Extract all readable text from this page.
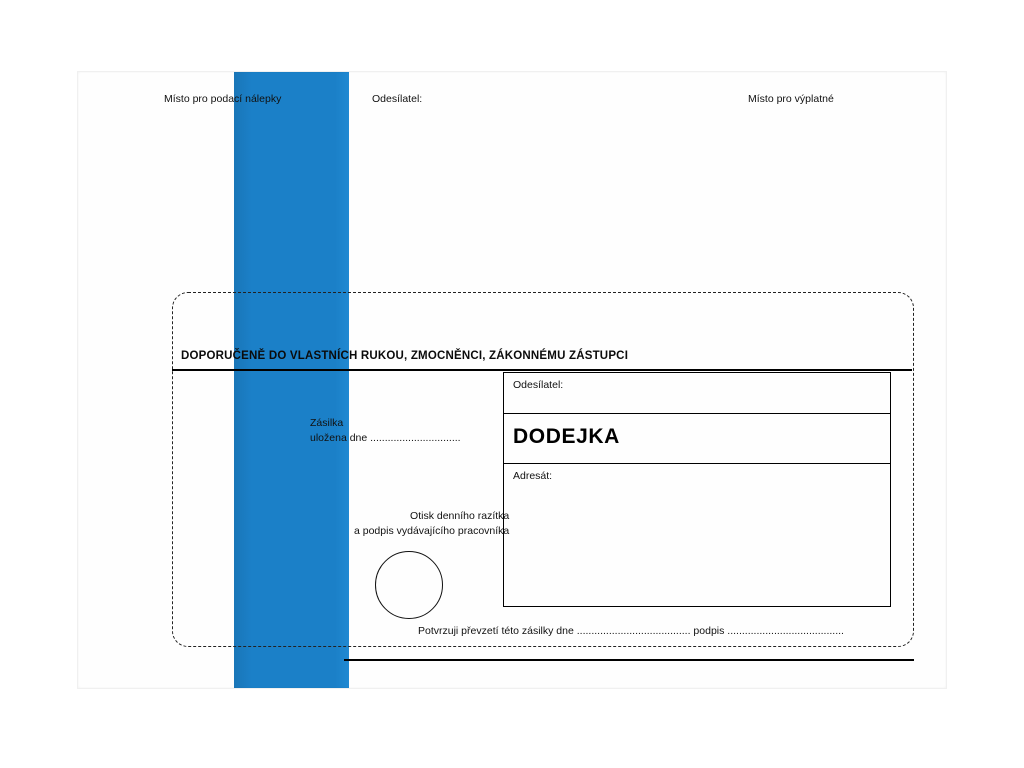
Místo pro podací nálepky	Odesílatel:	Místo pro výplatné
DOPORUČENĚ DO VLASTNÍCH RUKOU, ZMOCNĚNCI, ZÁKONNÉMU ZÁSTUPCI
Zásilka
uložena dne ...............................
Otisk denního razítka
a podpis vydávajícího pracovníka
Odesílatel:
DODEJKA
Adresát:
Potvrzuji převzetí této zásilky dne ....................................... podpis ........................................
